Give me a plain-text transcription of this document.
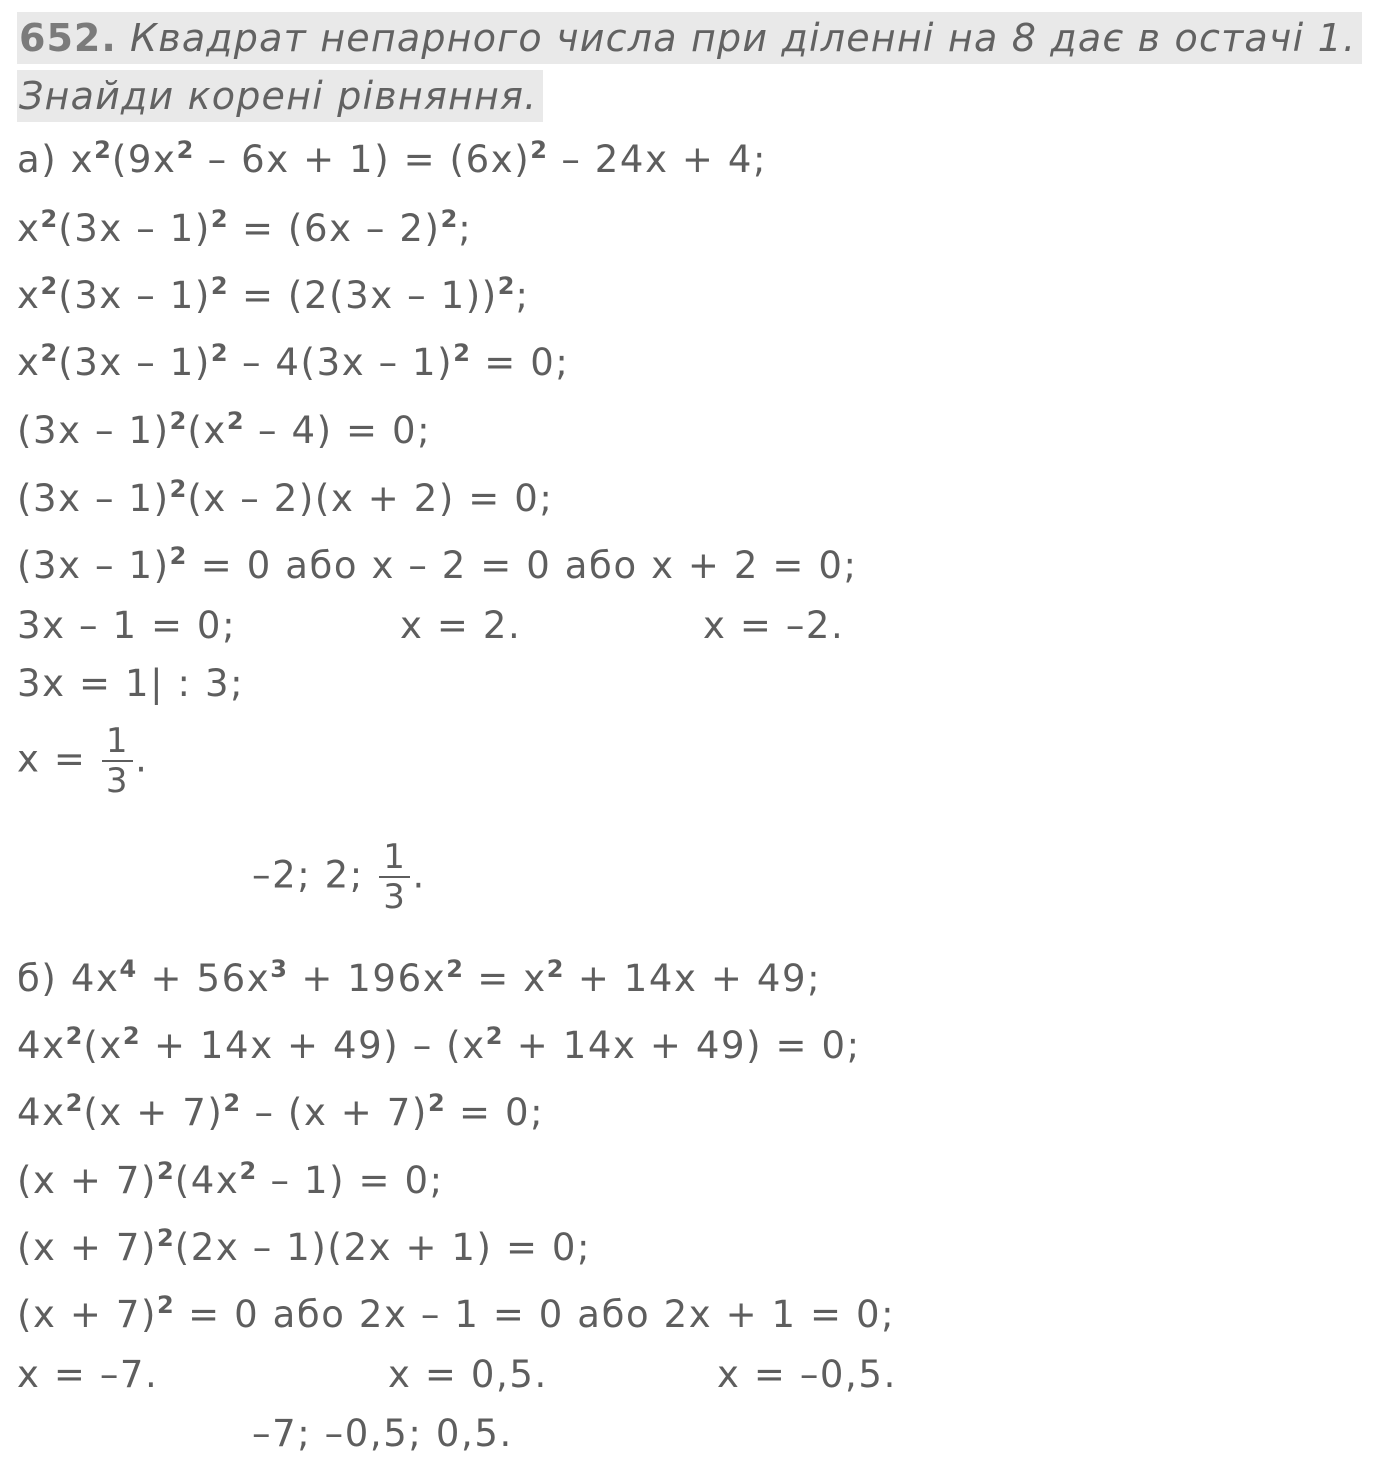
652. Квадрат непарного числа при діленні на 8 дає в остачі 1.
Знайди корені рівняння.
а) $x^2(9x^2 - 6x + 1) = (6x)^2 - 24x + 4$;
$x^2(3x - 1)^2 = (6x - 2)^2$;
$x^2(3x - 1)^2 = (2(3x - 1))^2$;
$x^2(3x - 1)^2 - 4(3x - 1)^2 = 0$;
$(3x - 1)^2(x^2 - 4) = 0$;
(3x – 1)$^2$(x – 2)(x + 2) = 0;
(3x – 1)$^2$ = 0 або x – 2 = 0 або x + 2 = 0;
3x – 1 = 0;	x = 2.	x = –2.
3x = 1| : 3;
$x = \frac{1}{3}$ .
–2; 2; $\frac{1}{3}$ .
б) $4x^4 + 56x^3 + 196x^2 = x^2 + 14x + 49$;
$4x^2(x^2 + 14x + 49) - (x^2 + 14x + 49) = 0$;
$4x^2(x + 7)^2 - (x + 7)^2 = 0$;
$(x + 7)^2(4x^2 - 1) = 0$;
$(x + 7)^2(2x - 1)(2x + 1) = 0$;
$(x + 7)^2 = 0$ або 2x – 1 = 0 або 2x + 1 = 0;
x = –7.	x = 0,5.	x = –0,5.
–7; –0,5; 0,5.
